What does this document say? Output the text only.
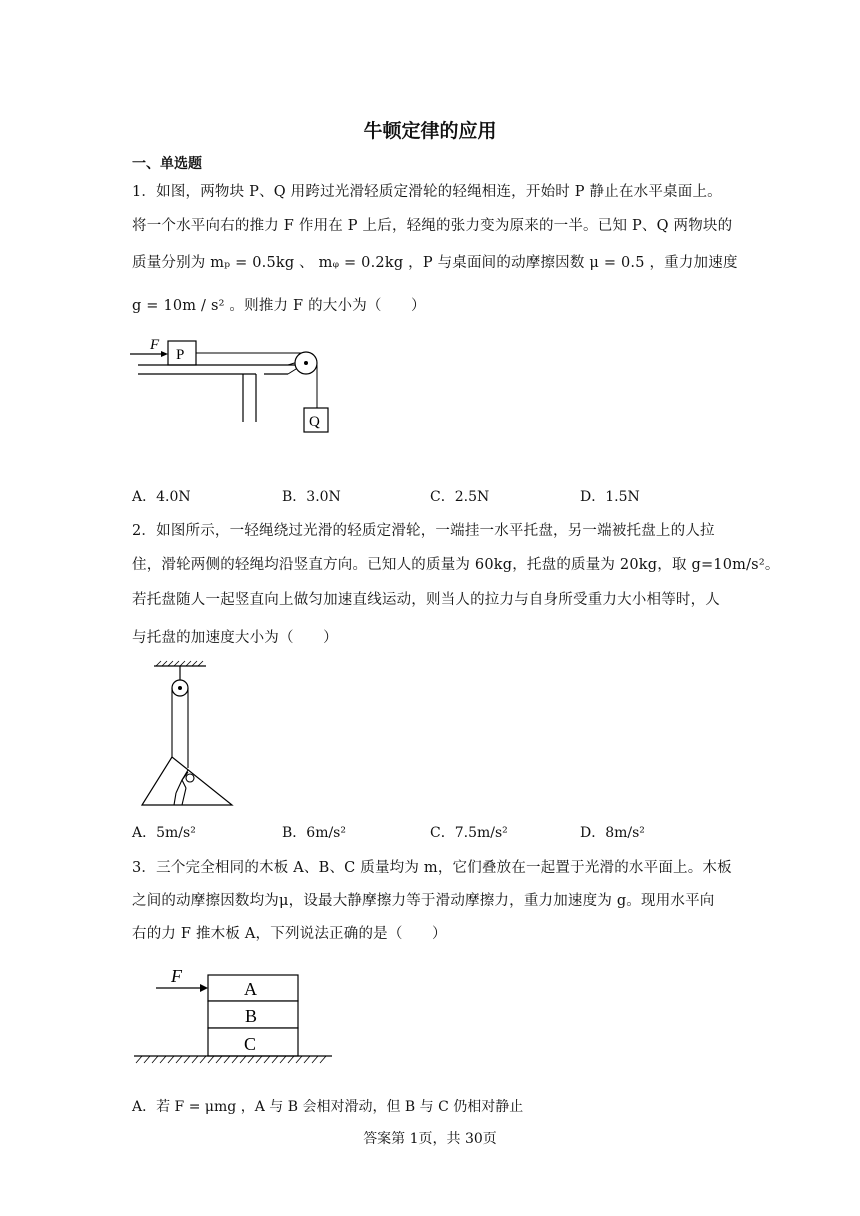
牛顿定律的应用
一、单选题
1．如图，两物块 P、Q 用跨过光滑轻质定滑轮的轻绳相连，开始时 P 静止在水平桌面上。
将一个水平向右的推力 F 作用在 P 上后，轻绳的张力变为原来的一半。已知 P、Q 两物块的
质量分别为 mₚ = 0.5kg 、 mᵩ = 0.2kg ，P 与桌面间的动摩擦因数 μ = 0.5 ，重力加速度
g = 10m / s² 。则推力 F 的大小为（　　）
F
P
Q
A．4.0N	B．3.0N	C．2.5N	D．1.5N
2．如图所示，一轻绳绕过光滑的轻质定滑轮，一端挂一水平托盘，另一端被托盘上的人拉
住，滑轮两侧的轻绳均沿竖直方向。已知人的质量为 60kg，托盘的质量为 20kg，取 g=10m/s²。
若托盘随人一起竖直向上做匀加速直线运动，则当人的拉力与自身所受重力大小相等时，人
与托盘的加速度大小为（　　）
A．5m/s²	B．6m/s²	C．7.5m/s²	D．8m/s²
3．三个完全相同的木板 A、B、C 质量均为 m，它们叠放在一起置于光滑的水平面上。木板
之间的动摩擦因数均为μ，设最大静摩擦力等于滑动摩擦力，重力加速度为 g。现用水平向
右的力 F 推木板 A，下列说法正确的是（　　）
F
A
B
C
A．若 F = μmg ，A 与 B 会相对滑动，但 B 与 C 仍相对静止
答案第 1页，共 30页
